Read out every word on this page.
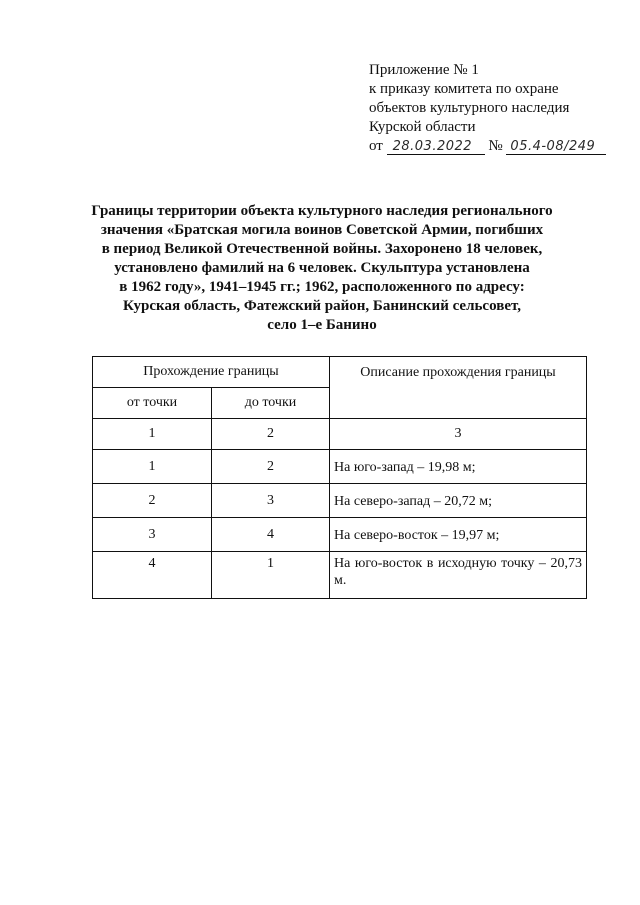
Приложение № 1
к приказу комитета по охране
объектов культурного наследия
Курской области
от 28.03.2022 № 05.4-08/249
Границы территории объекта культурного наследия регионального
значения «Братская могила воинов Советской Армии, погибших
в период Великой Отечественной войны. Захоронено 18 человек,
установлено фамилий на 6 человек. Скульптура установлена
в 1962 году», 1941–1945 гг.; 1962, расположенного по адресу:
Курская область, Фатежский район, Банинский сельсовет,
село 1–е Банино
Прохождение границы		Описание прохождения границы
от точки	до точки	
1	2	3
1	2	На юго-запад – 19,98 м;
2	3	На северо-запад – 20,72 м;
3	4	На северо-восток – 19,97 м;
4	1	На юго-восток в исходную точку – 20,73 м.
